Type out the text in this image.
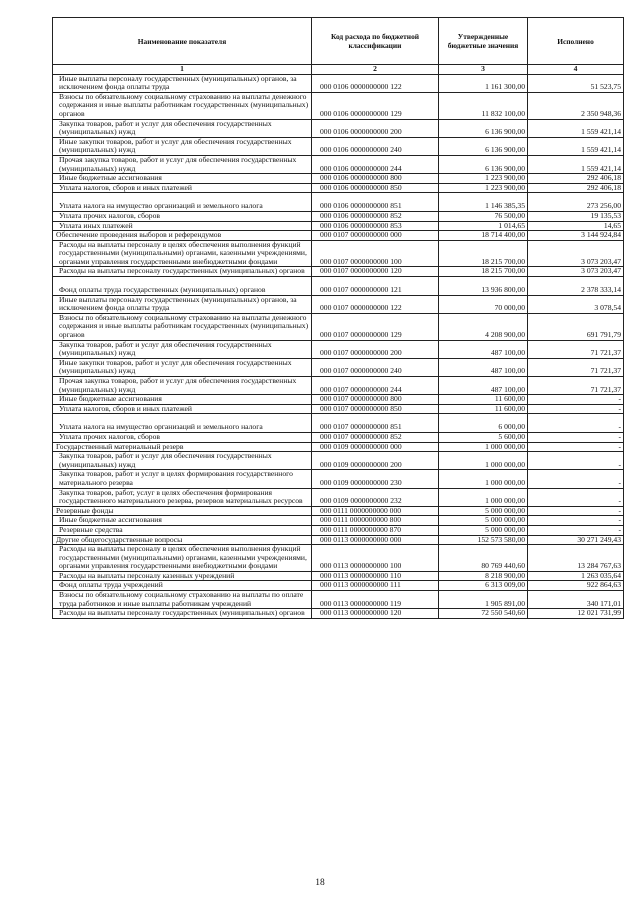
Наименование показателя	Код расхода по бюджетной классификации	Утвержденные бюджетные значения	Исполнено
1	2	3	4
Иные выплаты персоналу государственных (муниципальных) органов, за исключением фонда оплаты труда	000 0106 0000000000 122	1 161 300,00	51 523,75
Взносы по обязательному социальному страхованию на выплаты денежного содержания и иные выплаты работникам государственных (муниципальных) органов	000 0106 0000000000 129	11 832 100,00	2 350 948,36
Закупка товаров, работ и услуг для обеспечения государственных (муниципальных) нужд	000 0106 0000000000 200	6 136 900,00	1 559 421,14
Иные закупки товаров, работ и услуг для обеспечения государственных (муниципальных) нужд	000 0106 0000000000 240	6 136 900,00	1 559 421,14
Прочая закупка товаров, работ и услуг для обеспечения государственных (муниципальных) нужд	000 0106 0000000000 244	6 136 900,00	1 559 421,14
Иные бюджетные ассигнования	000 0106 0000000000 800	1 223 900,00	292 406,18
Уплата налогов, сборов и иных платежей	000 0106 0000000000 850	1 223 900,00	292 406,18
Уплата налога на имущество организаций и земельного налога	000 0106 0000000000 851	1 146 385,35	273 256,00
Уплата прочих налогов, сборов	000 0106 0000000000 852	76 500,00	19 135,53
Уплата иных платежей	000 0106 0000000000 853	1 014,65	14,65
Обеспечение проведения выборов и референдумов	000 0107 0000000000 000	18 714 400,00	3 144 924,84
Расходы на выплаты персоналу в целях обеспечения выполнения функций государственными (муниципальными) органами, казенными учреждениями, органами управления государственными внебюджетными фондами	000 0107 0000000000 100	18 215 700,00	3 073 203,47
Расходы на выплаты персоналу государственных (муниципальных) органов	000 0107 0000000000 120	18 215 700,00	3 073 203,47
Фонд оплаты труда государственных (муниципальных) органов	000 0107 0000000000 121	13 936 800,00	2 378 333,14
Иные выплаты персоналу государственных (муниципальных) органов, за исключением фонда оплаты труда	000 0107 0000000000 122	70 000,00	3 078,54
Взносы по обязательному социальному страхованию на выплаты денежного содержания и иные выплаты работникам государственных (муниципальных) органов	000 0107 0000000000 129	4 208 900,00	691 791,79
Закупка товаров, работ и услуг для обеспечения государственных (муниципальных) нужд	000 0107 0000000000 200	487 100,00	71 721,37
Иные закупки товаров, работ и услуг для обеспечения государственных (муниципальных) нужд	000 0107 0000000000 240	487 100,00	71 721,37
Прочая закупка товаров, работ и услуг для обеспечения государственных (муниципальных) нужд	000 0107 0000000000 244	487 100,00	71 721,37
Иные бюджетные ассигнования	000 0107 0000000000 800	11 600,00	-
Уплата налогов, сборов и иных платежей	000 0107 0000000000 850	11 600,00	-
Уплата налога на имущество организаций и земельного налога	000 0107 0000000000 851	6 000,00	-
Уплата прочих налогов, сборов	000 0107 0000000000 852	5 600,00	-
Государственный материальный резерв	000 0109 0000000000 000	1 000 000,00	-
Закупка товаров, работ и услуг для обеспечения государственных (муниципальных) нужд	000 0109 0000000000 200	1 000 000,00	-
Закупка товаров, работ и услуг в целях формирования государственного материального резерва	000 0109 0000000000 230	1 000 000,00	-
Закупка товаров, работ, услуг в целях обеспечения формирования государственного материального резерва, резервов материальных ресурсов	000 0109 0000000000 232	1 000 000,00	-
Резервные фонды	000 0111 0000000000 000	5 000 000,00	-
Иные бюджетные ассигнования	000 0111 0000000000 800	5 000 000,00	-
Резервные средства	000 0111 0000000000 870	5 000 000,00	-
Другие общегосударственные вопросы	000 0113 0000000000 000	152 573 580,00	30 271 249,43
Расходы на выплаты персоналу в целях обеспечения выполнения функций государственными (муниципальными) органами, казенными учреждениями, органами управления государственными внебюджетными фондами	000 0113 0000000000 100	80 769 440,60	13 284 767,63
Расходы на выплаты персоналу казенных учреждений	000 0113 0000000000 110	8 218 900,00	1 263 035,64
Фонд оплаты труда учреждений	000 0113 0000000000 111	6 313 009,00	922 864,63
Взносы по обязательному социальному страхованию на выплаты по оплате труда работников и иные выплаты работникам учреждений	000 0113 0000000000 119	1 905 891,00	340 171,01
Расходы на выплаты персоналу государственных (муниципальных) органов	000 0113 0000000000 120	72 550 540,60	12 021 731,99
18
